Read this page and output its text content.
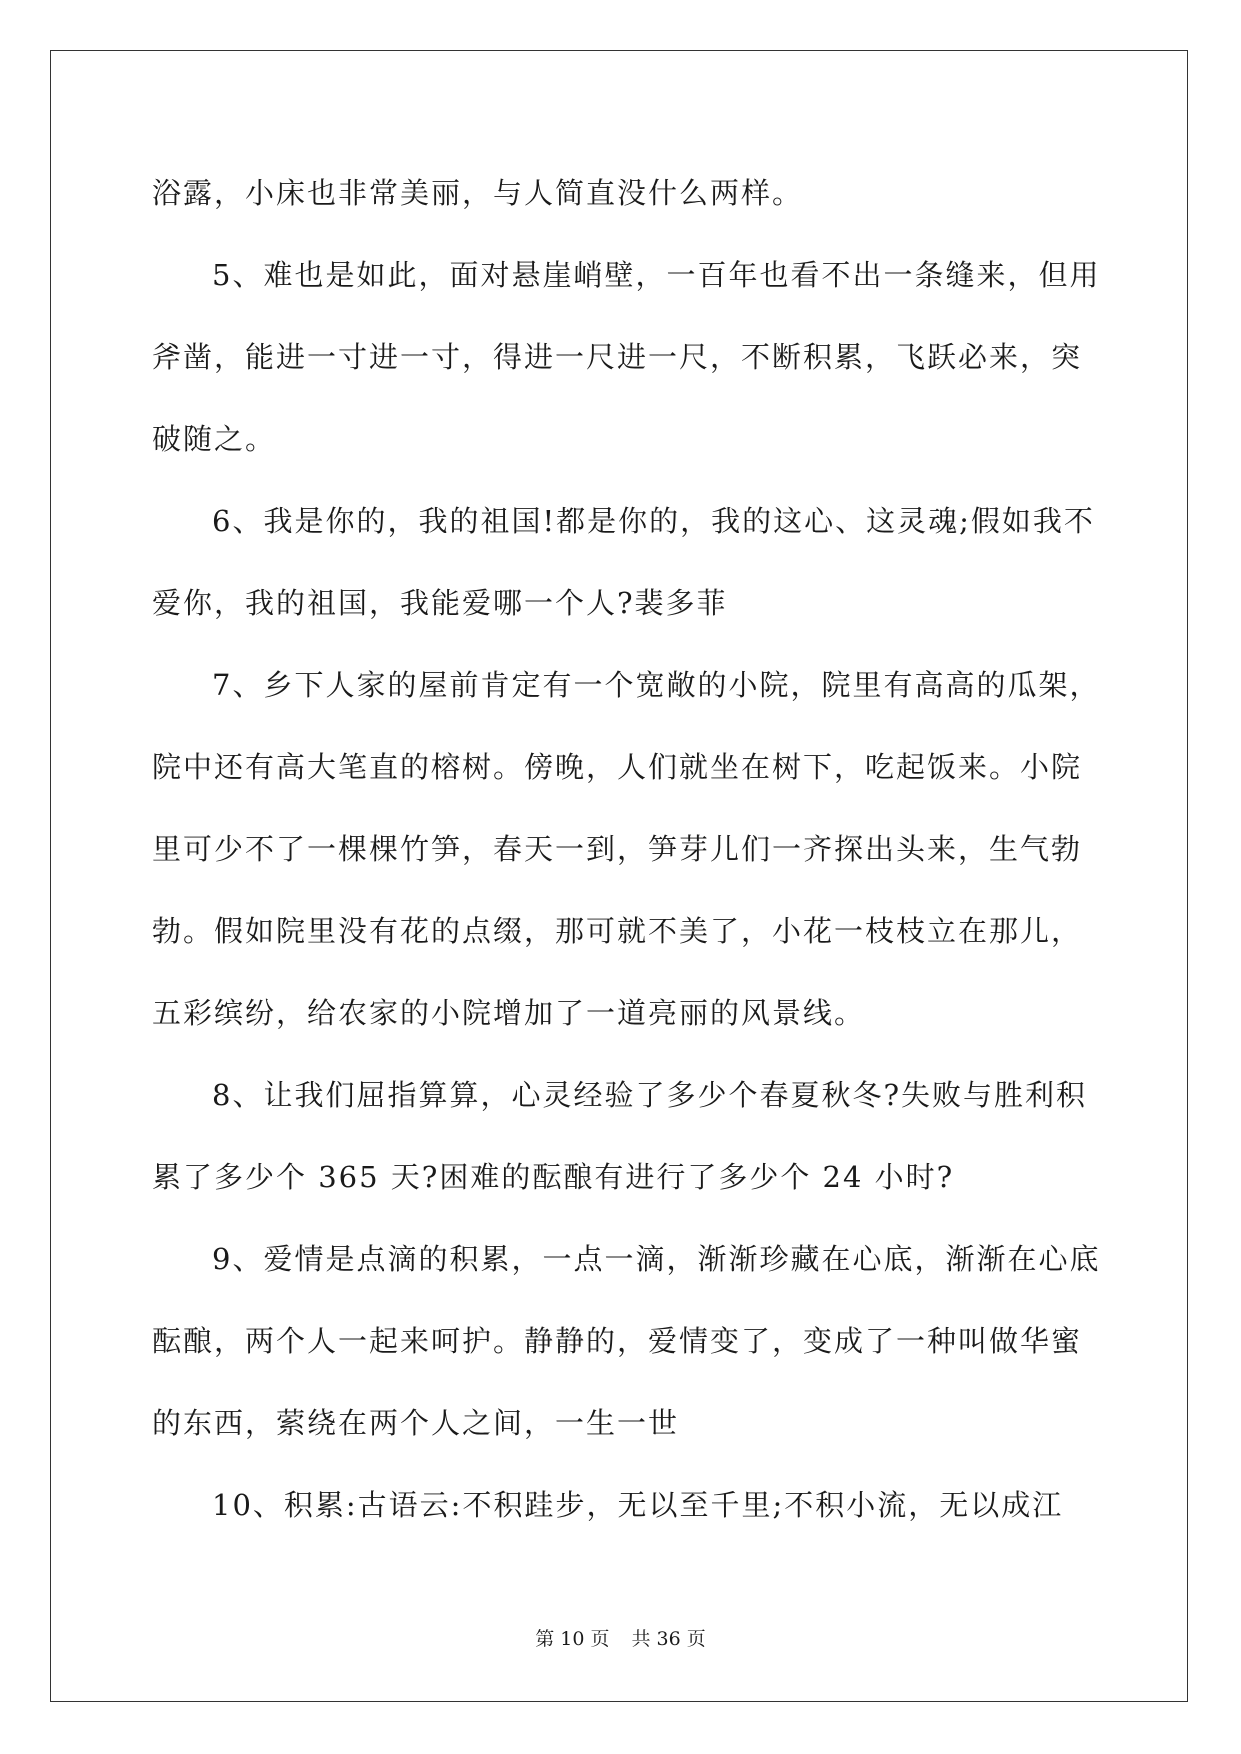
浴露，小床也非常美丽，与人简直没什么两样。
5、难也是如此，面对悬崖峭壁，一百年也看不出一条缝来，但用
斧凿，能进一寸进一寸，得进一尺进一尺，不断积累，飞跃必来，突
破随之。
6、我是你的，我的祖国!都是你的，我的这心、这灵魂;假如我不
爱你，我的祖国，我能爱哪一个人?裴多菲
7、乡下人家的屋前肯定有一个宽敞的小院，院里有高高的瓜架，
院中还有高大笔直的榕树。傍晚，人们就坐在树下，吃起饭来。小院
里可少不了一棵棵竹笋，春天一到，笋芽儿们一齐探出头来，生气勃
勃。假如院里没有花的点缀，那可就不美了，小花一枝枝立在那儿，
五彩缤纷，给农家的小院增加了一道亮丽的风景线。
8、让我们屈指算算，心灵经验了多少个春夏秋冬?失败与胜利积
累了多少个 365 天?困难的酝酿有进行了多少个 24 小时?
9、爱情是点滴的积累，一点一滴，渐渐珍藏在心底，渐渐在心底
酝酿，两个人一起来呵护。静静的，爱情变了，变成了一种叫做华蜜
的东西，萦绕在两个人之间，一生一世
10、积累:古语云:不积跬步，无以至千里;不积小流，无以成江
第 10 页 共 36 页
